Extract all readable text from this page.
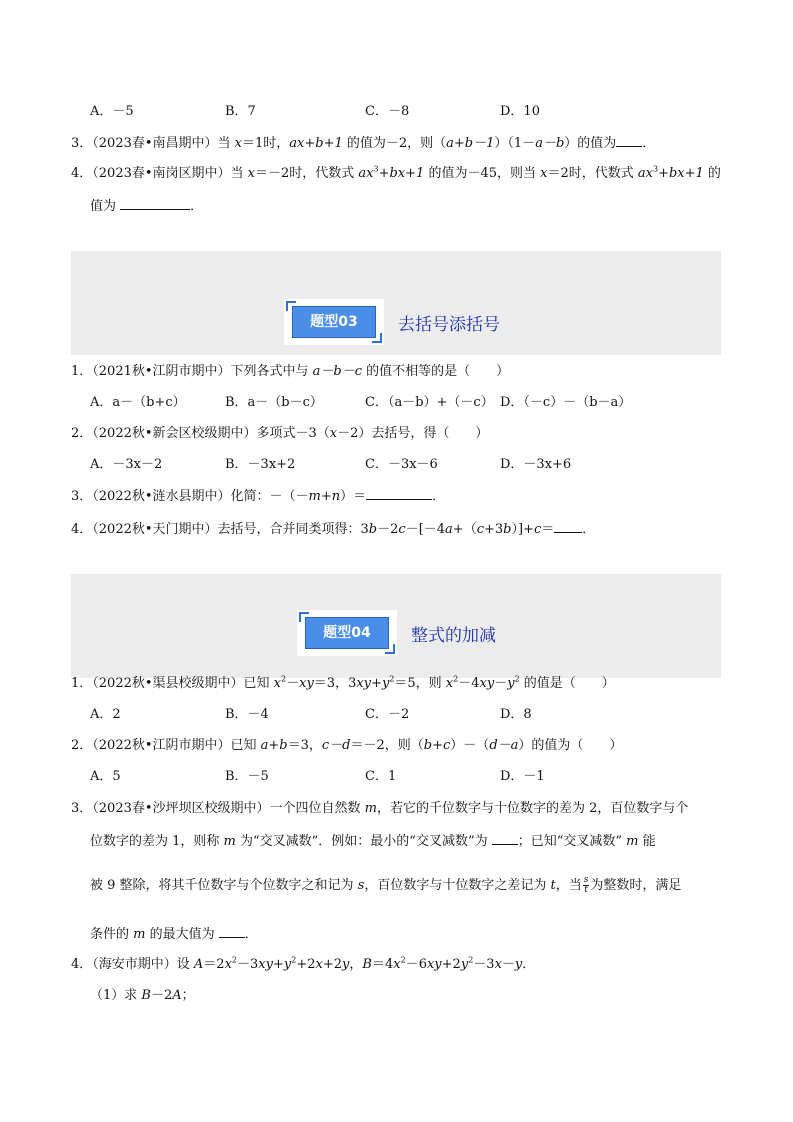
A．－5	B．7	C．－8	D．10
3．（2023春•南昌期中）当 x＝1时，ax+b+1 的值为－2，则（a+b－1）（1－a－b）的值为 ．
4．（2023春•南岗区期中）当 x＝－2时，代数式 $ax^3+bx+1$ 的值为－45，则当 x＝2时，代数式 $ax^3+bx+1$ 的
值为	．
题型03	去括号添括号
1．（2021秋•江阴市期中）下列各式中与 a－b－c 的值不相等的是（　　）
A．a－（b+c）	B．a－（b－c）	C．（a－b）+（－c） D．（－c）－（b－a）
2．（2022秋•新会区校级期中）多项式－3（x－2）去括号，得（　　）
A．－3x－2	B．－3x+2	C．－3x－6	D．－3x+6
3．（2022秋•涟水县期中）化简：－（－m+n）＝	．
4．（2022秋•天门期中）去括号，合并同类项得：3b－2c－[－4a+（c+3b）]+c＝ ．
题型04	整式的加减
1．（2022秋•渠县校级期中）已知 $x^2-xy=3$，$3xy+y^2=5$，则 $x^2-4xy-y^2$ 的值是（　　）
A．2	B．－4	C．－2	D．8
2．（2022秋•江阴市期中）已知 a+b＝3，c－d＝－2，则（b+c）－（d－a）的值为（　　）
A．5	B．－5	C．1	D．－1
3．（2023春•沙坪坝区校级期中）一个四位自然数 m，若它的千位数字与十位数字的差为 2，百位数字与个
位数字的差为 1，则称 m 为“交叉减数”．例如：最小的“交叉减数”为 ；已知“交叉减数” m 能
被 9 整除，将其千位数字与个位数字之和记为 s，百位数字与十位数字之差记为 t，当 $\frac{s}{t}$ 为整数时，满足
条件的 m 的最大值为 ．
4．（海安市期中）设 $A=2x^2-3xy+y^2+2x+2y$，$B=4x^2-6xy+2y^2-3x-y$．
（1）求 B－2A；
